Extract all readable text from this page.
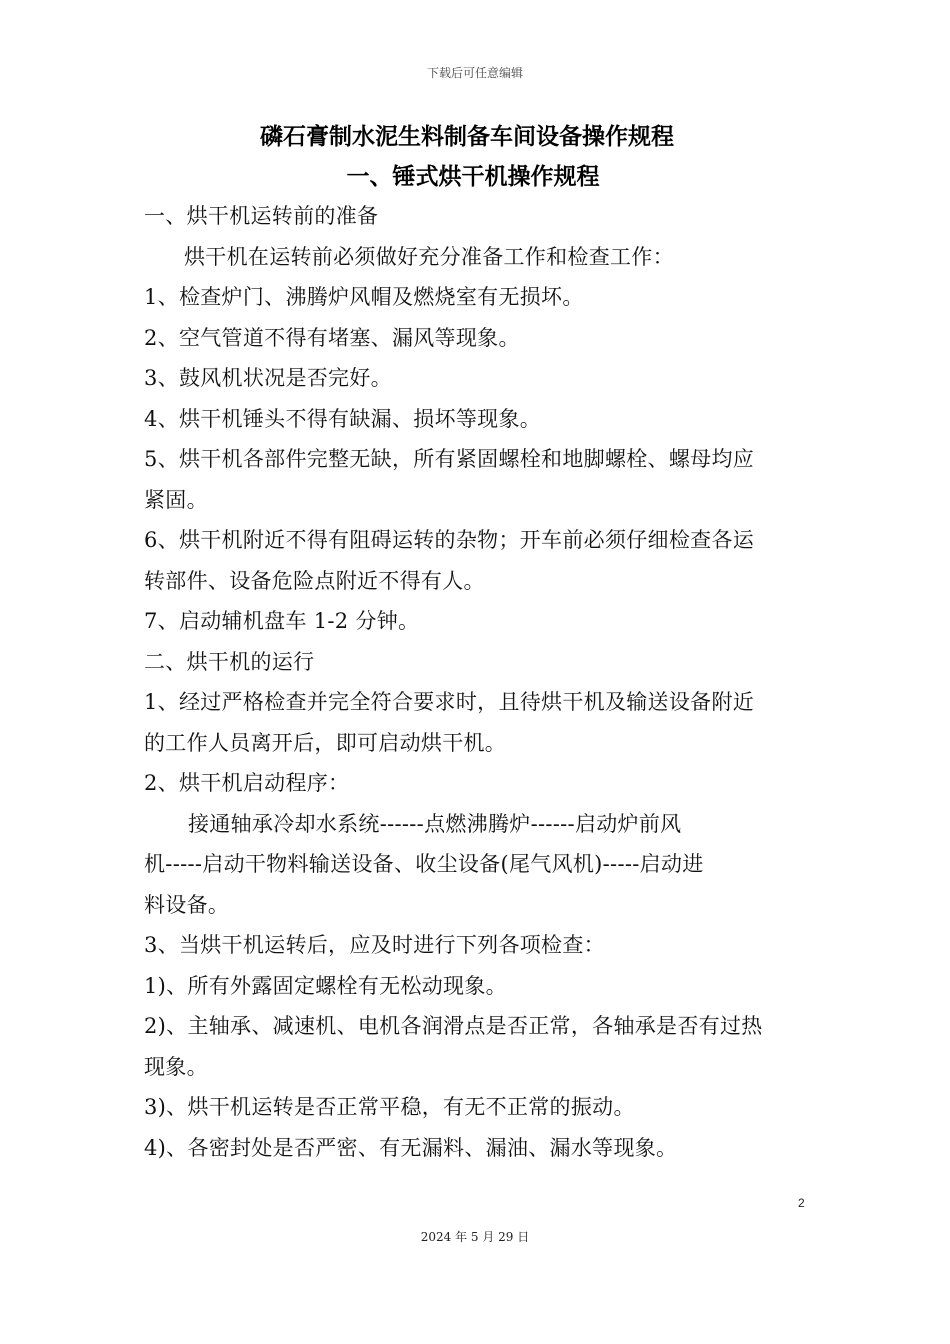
下载后可任意编辑
磷石膏制水泥生料制备车间设备操作规程
一、锤式烘干机操作规程

一、烘干机运转前的准备

烘干机在运转前必须做好充分准备工作和检查工作：

1、检查炉门、沸腾炉风帽及燃烧室有无损坏。

2、空气管道不得有堵塞、漏风等现象。

3、鼓风机状况是否完好。

4、烘干机锤头不得有缺漏、损坏等现象。

5、烘干机各部件完整无缺，所有紧固螺栓和地脚螺栓、螺母均应

紧固。

6、烘干机附近不得有阻碍运转的杂物；开车前必须仔细检查各运

转部件、设备危险点附近不得有人。

7、启动辅机盘车 1-2 分钟。

二、烘干机的运行

1、经过严格检查并完全符合要求时，且待烘干机及输送设备附近

的工作人员离开后，即可启动烘干机。

2、烘干机启动程序：

接通轴承冷却水系统------点燃沸腾炉------启动炉前风

机-----启动干物料输送设备、收尘设备(尾气风机)-----启动进

料设备。

3、当烘干机运转后，应及时进行下列各项检查：

1)、所有外露固定螺栓有无松动现象。

2)、主轴承、减速机、电机各润滑点是否正常，各轴承是否有过热

现象。

3)、烘干机运转是否正常平稳，有无不正常的振动。

4)、各密封处是否严密、有无漏料、漏油、漏水等现象。

2
2024 年 5 月 29 日
